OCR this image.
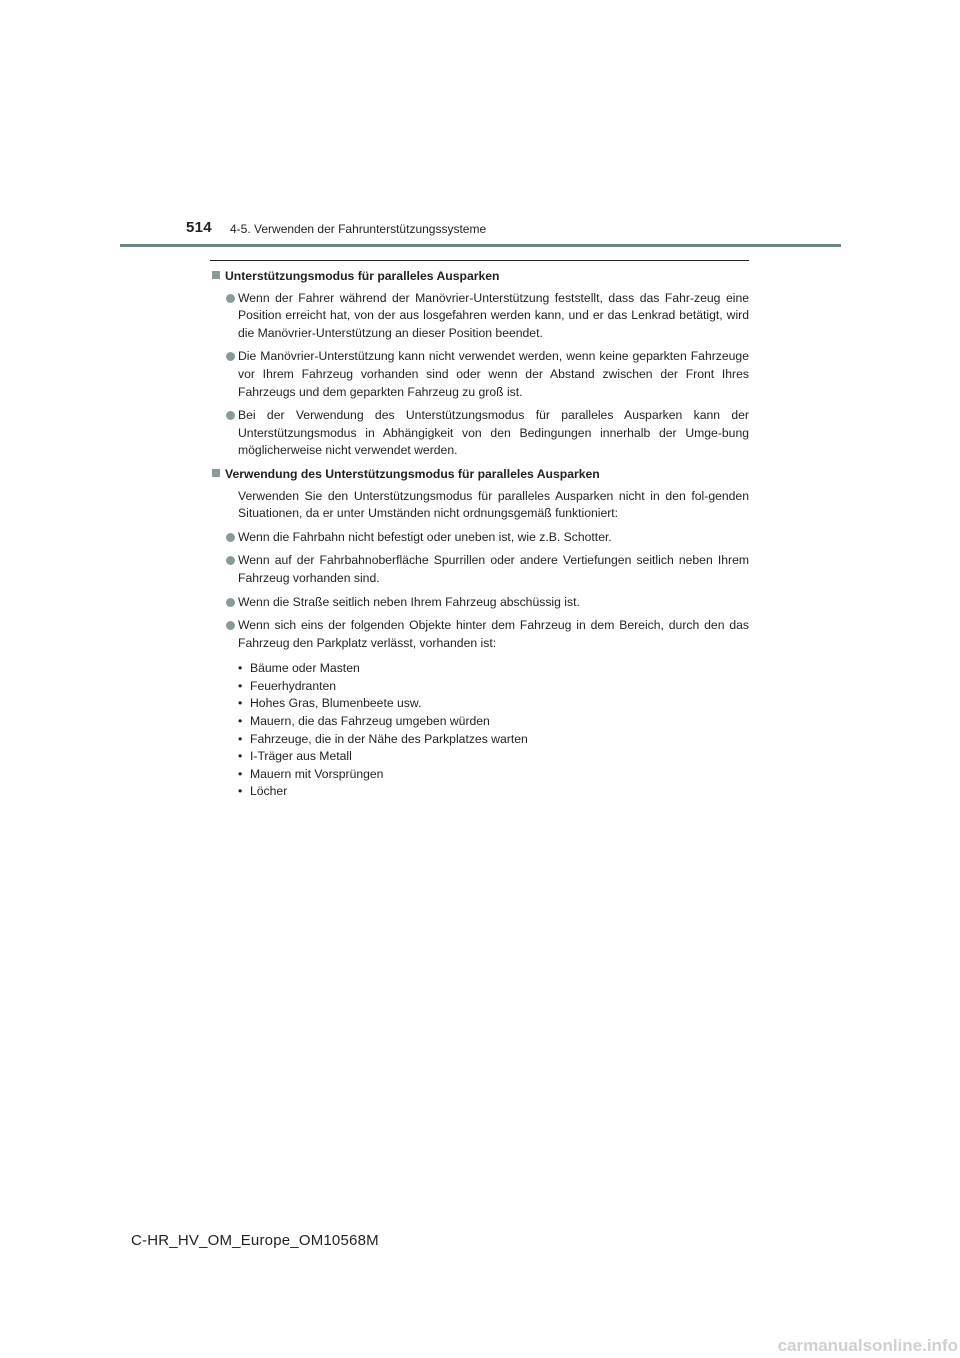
514 4-5. Verwenden der Fahrunterstützungssysteme
Unterstützungsmodus für paralleles Ausparken
Wenn der Fahrer während der Manövrier-Unterstützung feststellt, dass das Fahr-zeug eine Position erreicht hat, von der aus losgefahren werden kann, und er das Lenkrad betätigt, wird die Manövrier-Unterstützung an dieser Position beendet.
Die Manövrier-Unterstützung kann nicht verwendet werden, wenn keine geparkten Fahrzeuge vor Ihrem Fahrzeug vorhanden sind oder wenn der Abstand zwischen der Front Ihres Fahrzeugs und dem geparkten Fahrzeug zu groß ist.
Bei der Verwendung des Unterstützungsmodus für paralleles Ausparken kann der Unterstützungsmodus in Abhängigkeit von den Bedingungen innerhalb der Umge-bung möglicherweise nicht verwendet werden.
Verwendung des Unterstützungsmodus für paralleles Ausparken

Verwenden Sie den Unterstützungsmodus für paralleles Ausparken nicht in den fol-genden Situationen, da er unter Umständen nicht ordnungsgemäß funktioniert:

Wenn die Fahrbahn nicht befestigt oder uneben ist, wie z.B. Schotter.
Wenn auf der Fahrbahnoberfläche Spurrillen oder andere Vertiefungen seitlich neben Ihrem Fahrzeug vorhanden sind.
Wenn die Straße seitlich neben Ihrem Fahrzeug abschüssig ist.
Wenn sich eins der folgenden Objekte hinter dem Fahrzeug in dem Bereich, durch den das Fahrzeug den Parkplatz verlässt, vorhanden ist:
• Bäume oder Masten
• Feuerhydranten
• Hohes Gras, Blumenbeete usw.
• Mauern, die das Fahrzeug umgeben würden
• Fahrzeuge, die in der Nähe des Parkplatzes warten
• I-Träger aus Metall
• Mauern mit Vorsprüngen
• Löcher
C-HR_HV_OM_Europe_OM10568M
carmanualsonline.info
